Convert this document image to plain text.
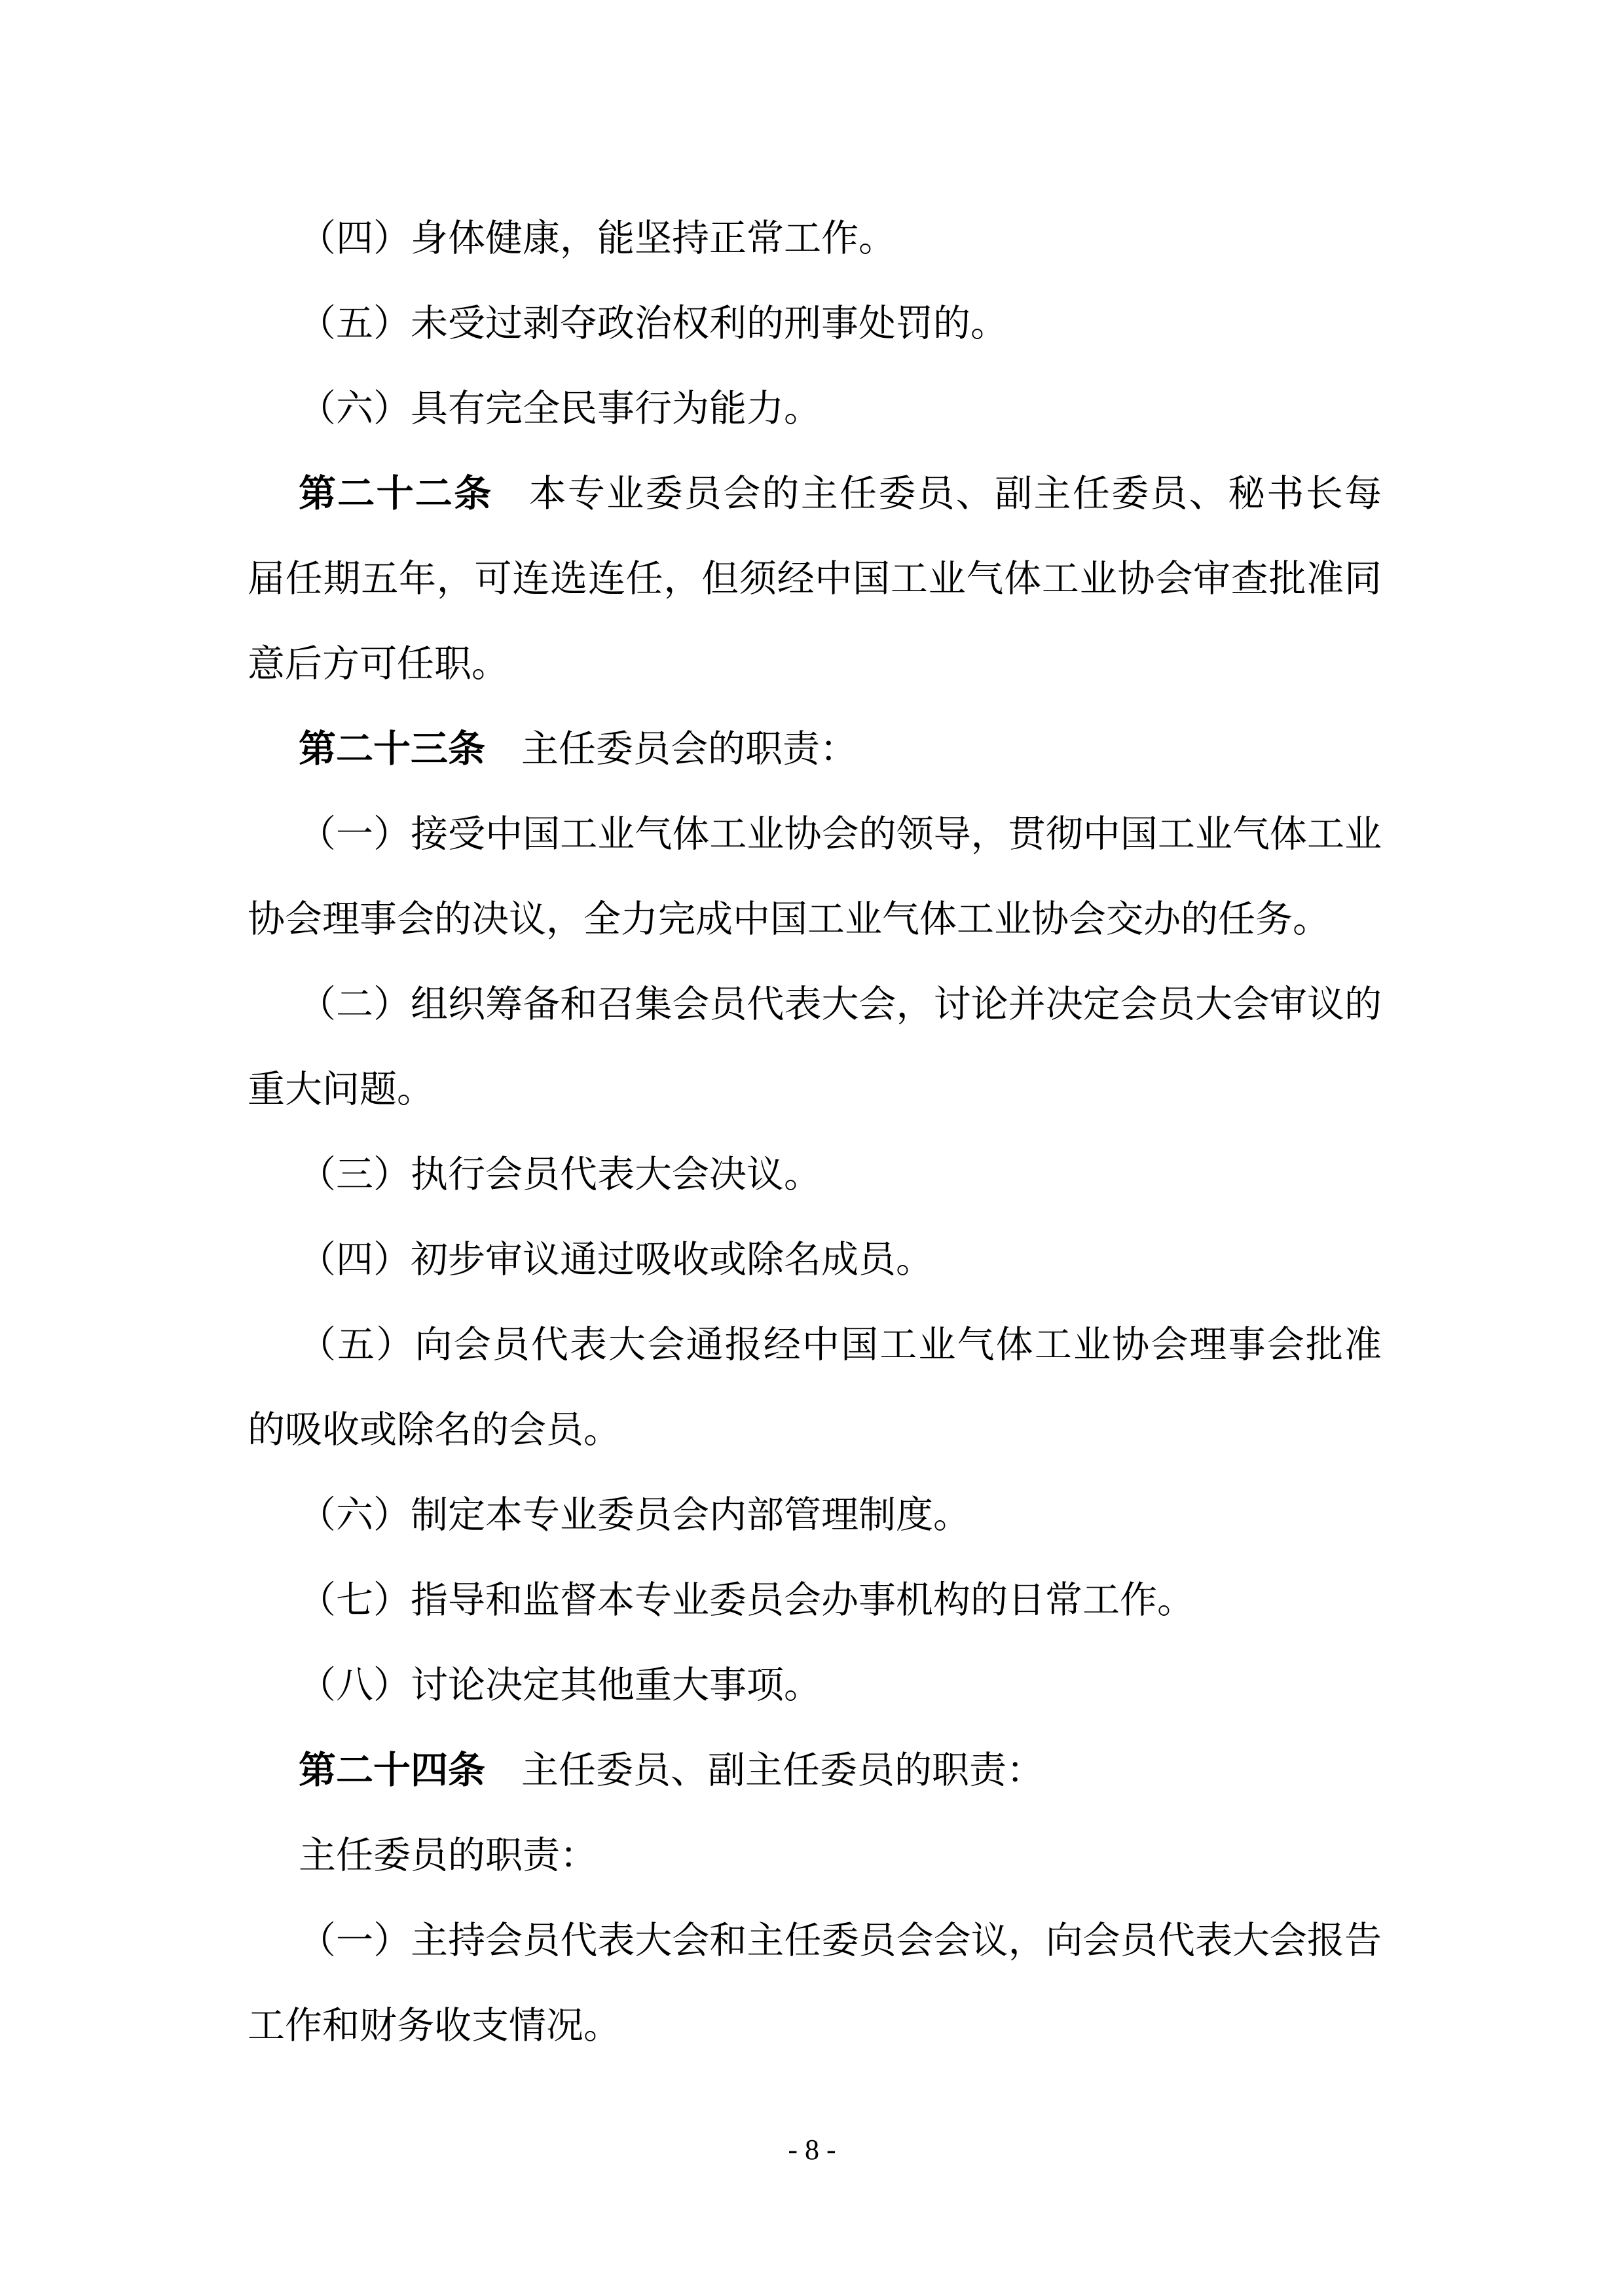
（四）身体健康，能坚持正常工作。
（五）未受过剥夺政治权利的刑事处罚的。
（六）具有完全民事行为能力。
第二十二条 本专业委员会的主任委员、副主任委员、秘书长每
届任期五年，可连选连任，但须经中国工业气体工业协会审查批准同
意后方可任职。
第二十三条 主任委员会的职责：
（一）接受中国工业气体工业协会的领导，贯彻中国工业气体工业
协会理事会的决议，全力完成中国工业气体工业协会交办的任务。
（二）组织筹备和召集会员代表大会，讨论并决定会员大会审议的
重大问题。
（三）执行会员代表大会决议。
（四）初步审议通过吸收或除名成员。
（五）向会员代表大会通报经中国工业气体工业协会理事会批准
的吸收或除名的会员。
（六）制定本专业委员会内部管理制度。
（七）指导和监督本专业委员会办事机构的日常工作。
（八）讨论决定其他重大事项。
第二十四条 主任委员、副主任委员的职责：
主任委员的职责：
（一）主持会员代表大会和主任委员会会议，向会员代表大会报告
工作和财务收支情况。
- 8 -
